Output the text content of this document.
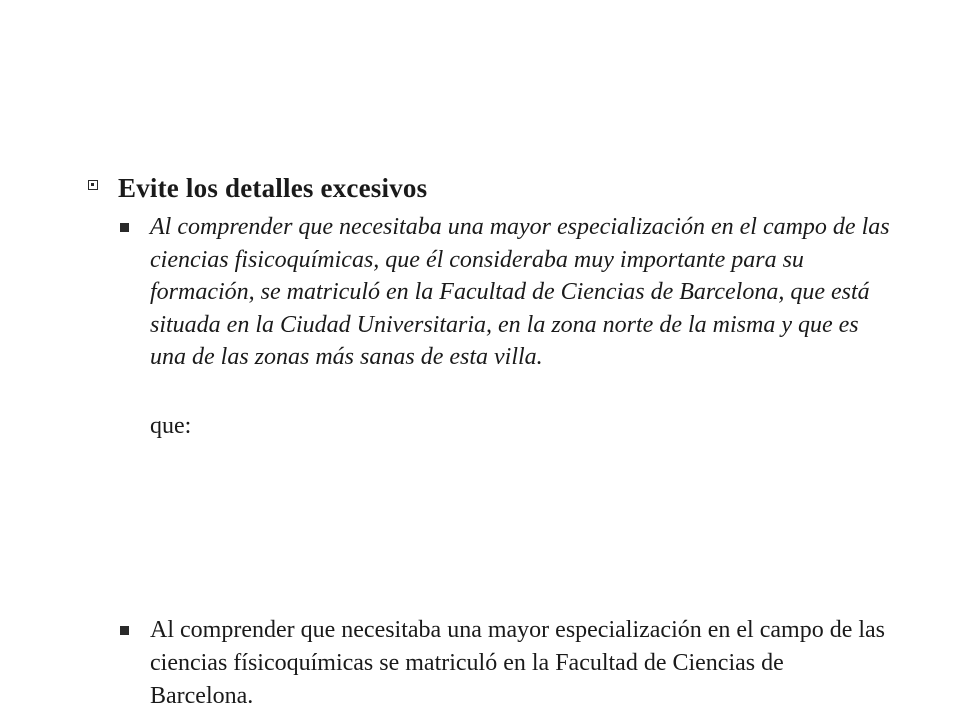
Evite los detalles excesivos
Al comprender que necesitaba una mayor especialización en el campo de las ciencias fisicoquímicas, que él consideraba muy importante para su formación, se matriculó en la Facultad de Ciencias de Barcelona, que está situada en la Ciudad Universitaria, en la zona norte de la misma y que es una de las zonas más sanas de esta villa.
que:
Al comprender que necesitaba una mayor especialización en el campo de las ciencias físicoquímicas se matriculó en la Facultad de Ciencias de Barcelona.
